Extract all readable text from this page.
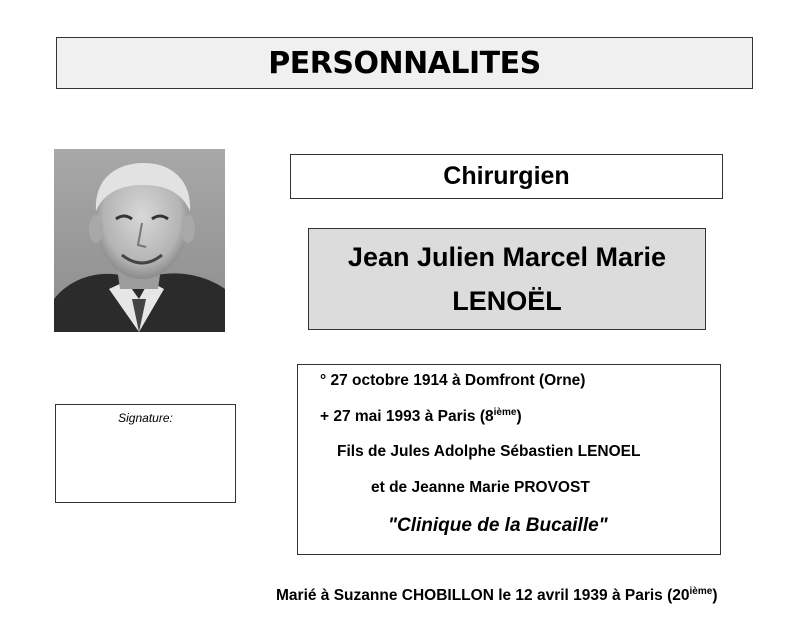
PERSONNALITES
Chirurgien
Jean Julien Marcel Marie
LENOËL
Signature:
° 27 octobre 1914 à Domfront (Orne)
+ 27 mai 1993 à Paris (8ième)
Fils de Jules Adolphe Sébastien LENOEL
et de Jeanne Marie PROVOST
"Clinique de la Bucaille"
Marié à Suzanne CHOBILLON le 12 avril 1939 à Paris (20ième)
